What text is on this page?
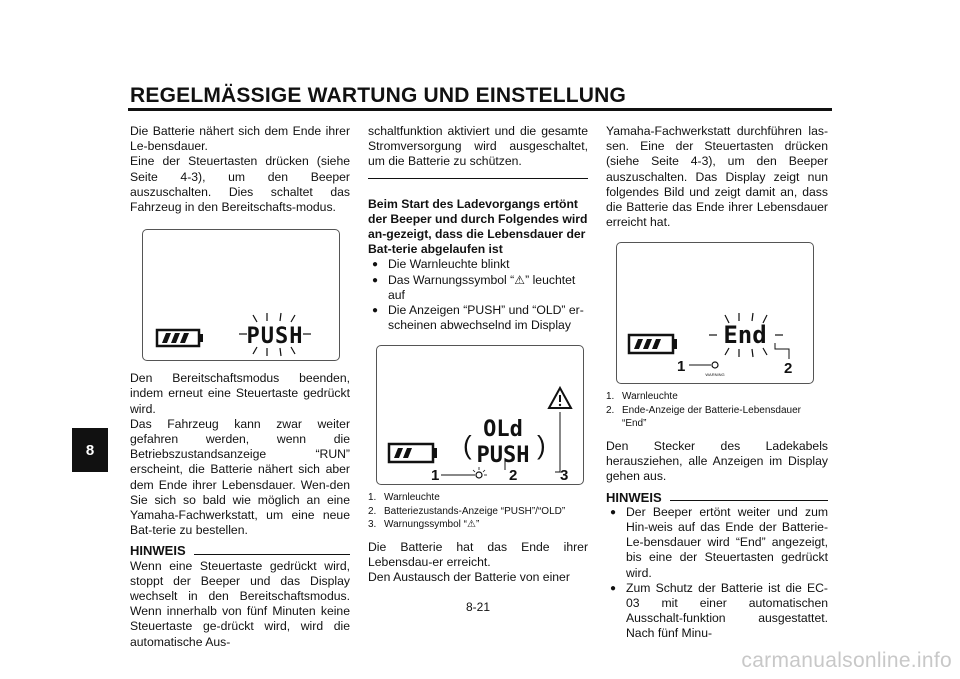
REGELMÄSSIGE WARTUNG UND EINSTELLUNG
8

Die Batterie nähert sich dem Ende ihrer Le-bensdauer.

Eine der Steuertasten drücken (siehe Seite 4-3), um den Beeper auszuschalten. Dies schaltet das Fahrzeug in den Bereitschafts-modus.

PUSH

Den Bereitschaftsmodus beenden, indem erneut eine Steuertaste gedrückt wird.

Das Fahrzeug kann zwar weiter gefahren werden, wenn die Betriebszustandsanzeige “RUN” erscheint, die Batterie nähert sich aber dem Ende ihrer Lebensdauer. Wen-den Sie sich so bald wie möglich an eine Yamaha-Fachwerkstatt, um eine neue Bat-terie zu bestellen.

HINWEIS

Wenn eine Steuertaste gedrückt wird, stoppt der Beeper und das Display wechselt in den Bereitschaftsmodus. Wenn innerhalb von fünf Minuten keine Steuertaste ge-drückt wird, wird die automatische Aus-

schaltfunktion aktiviert und die gesamte Stromversorgung wird ausgeschaltet, um die Batterie zu schützen.

Beim Start des Ladevorgangs ertönt der Beeper und durch Folgendes wird an-gezeigt, dass die Lebensdauer der Bat-terie abgelaufen ist

● Die Warnleuchte blinkt
● Das Warnungssymbol “⚠” leuchtet auf
● Die Anzeigen “PUSH” und “OLD” er-scheinen abwechselnd im Display
OLd
PUSH
(	)
1	2	3
1. Warnleuchte
2. Batteriezustands-Anzeige “PUSH”/“OLD”
3. Warnungssymbol “⚠”

Die Batterie hat das Ende ihrer Lebensdau-er erreicht.

Den Austausch der Batterie von einer

Yamaha-Fachwerkstatt durchführen las-sen. Eine der Steuertasten drücken (siehe Seite 4-3), um den Beeper auszuschalten. Das Display zeigt nun folgendes Bild und zeigt damit an, dass die Batterie das Ende ihrer Lebensdauer erreicht hat.

End
WARNING
1	2
1. Warnleuchte
2. Ende-Anzeige der Batterie-Lebensdauer “End”

Den Stecker des Ladekabels herausziehen, alle Anzeigen im Display gehen aus.

HINWEIS
● Der Beeper ertönt weiter und zum Hin-weis auf das Ende der Batterie-Le-bensdauer wird “End” angezeigt, bis eine der Steuertasten gedrückt wird.
● Zum Schutz der Batterie ist die EC-03 mit einer automatischen Ausschalt-funktion ausgestattet. Nach fünf Minu-
8-21
carmanualsonline.info
